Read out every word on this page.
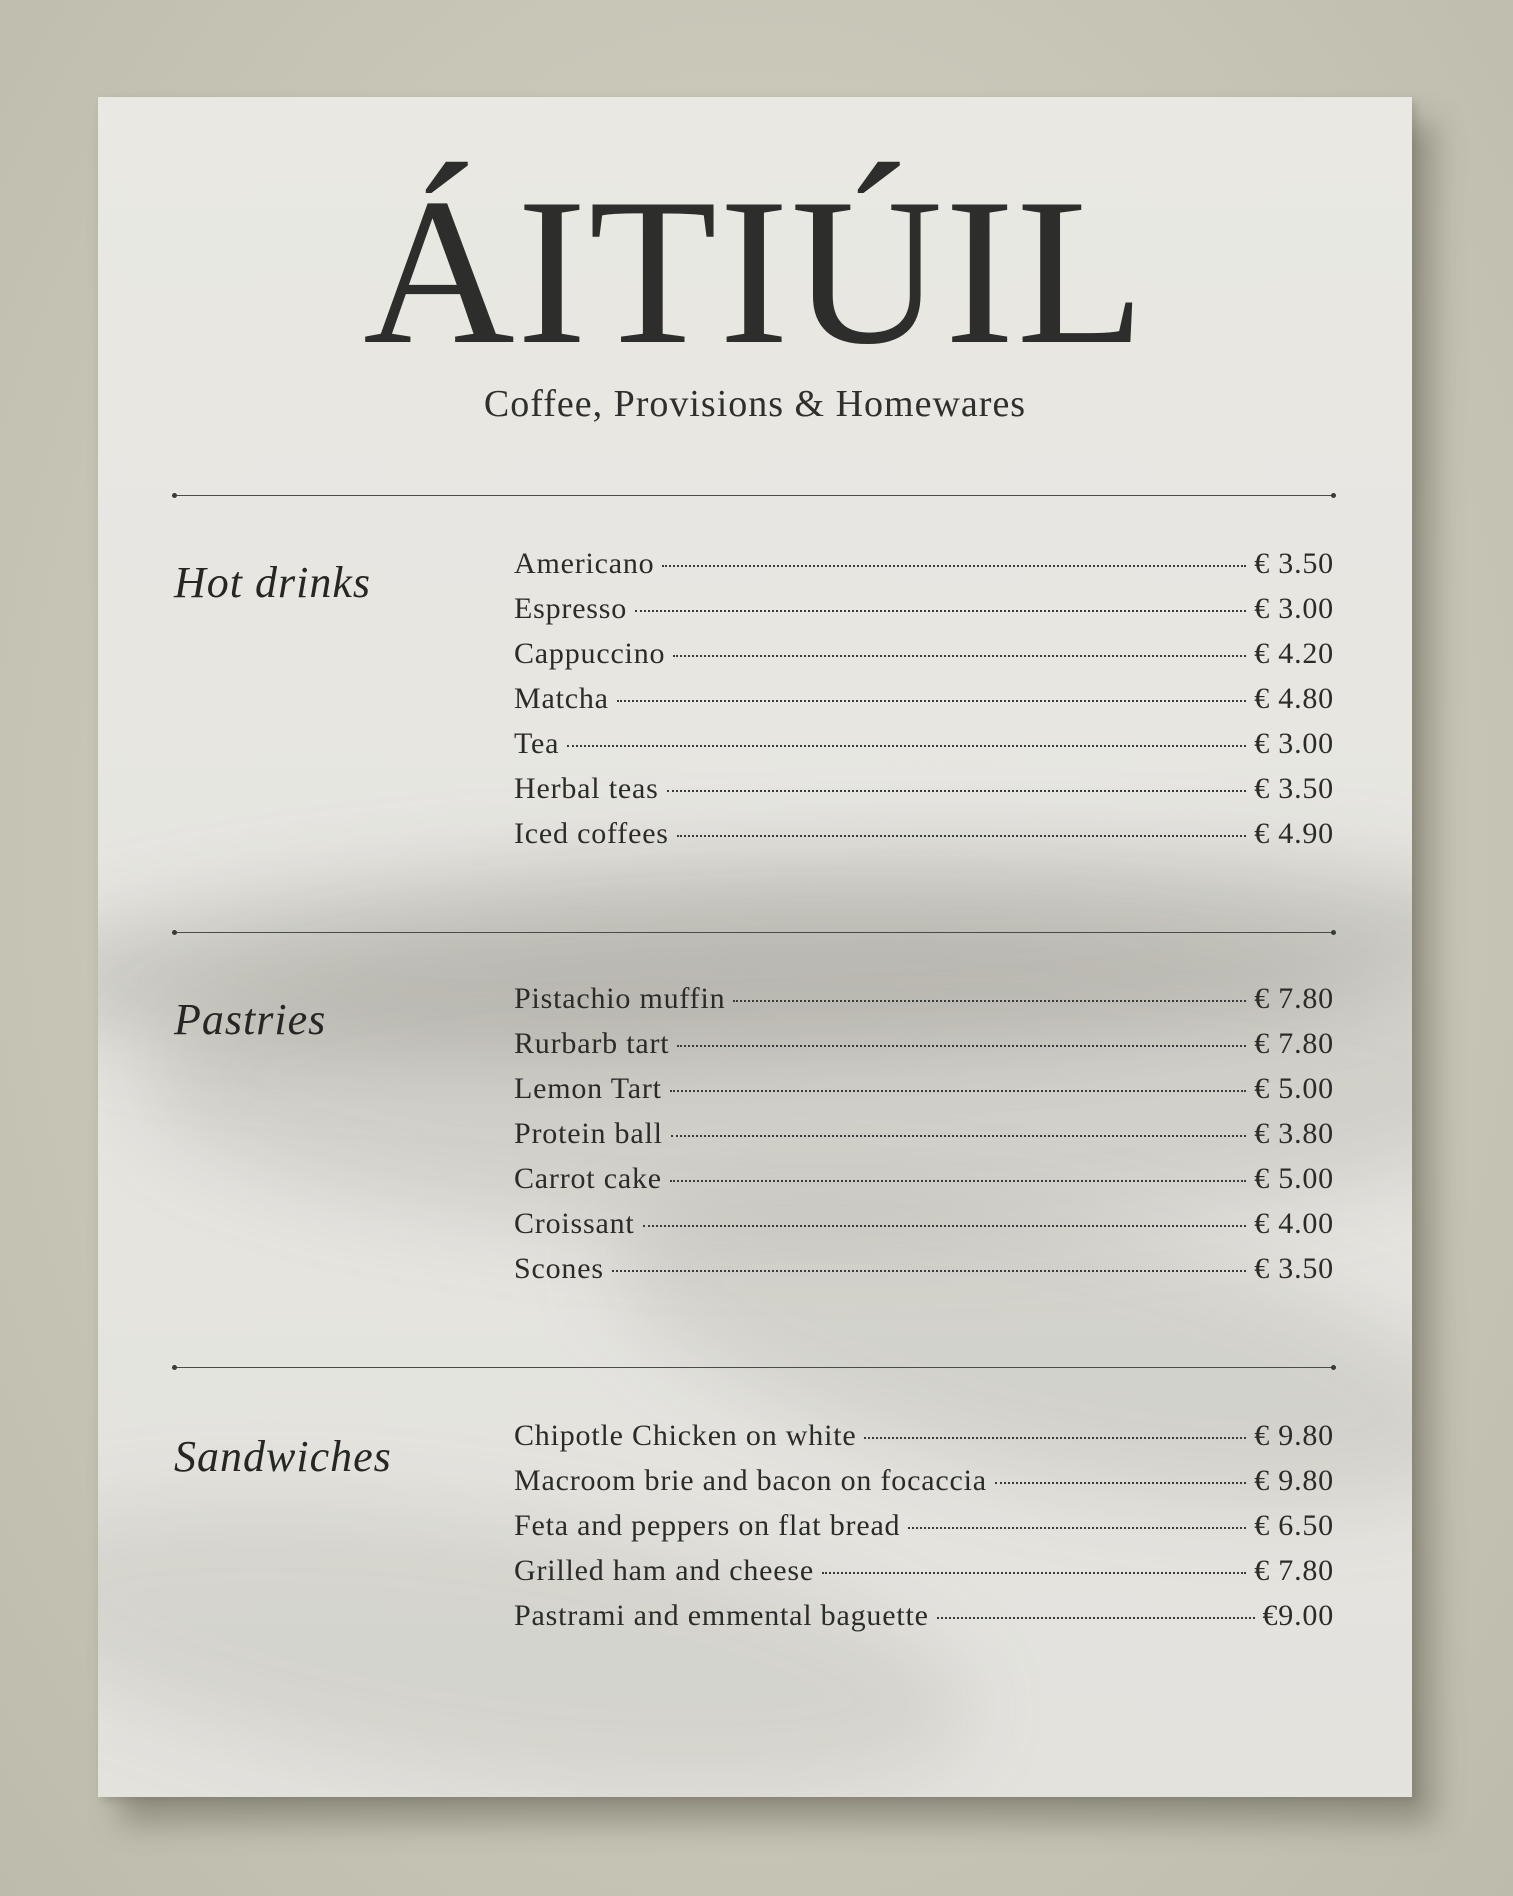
ÁITIÚIL
Coffee, Provisions & Homewares
Hot drinks	Americano	€ 3.50
Espresso	€ 3.00
Cappuccino	€ 4.20
Matcha	€ 4.80
Tea	€ 3.00
Herbal teas	€ 3.50
Iced coffees	€ 4.90
Pastries	Pistachio muffin	€ 7.80
Rurbarb tart	€ 7.80
Lemon Tart	€ 5.00
Protein ball	€ 3.80
Carrot cake	€ 5.00
Croissant	€ 4.00
Scones	€ 3.50
Sandwiches	Chipotle Chicken on white	€ 9.80
Macroom brie and bacon on focaccia	€ 9.80
Feta and peppers on flat bread	€ 6.50
Grilled ham and cheese	€ 7.80
Pastrami and emmental baguette	€9.00
